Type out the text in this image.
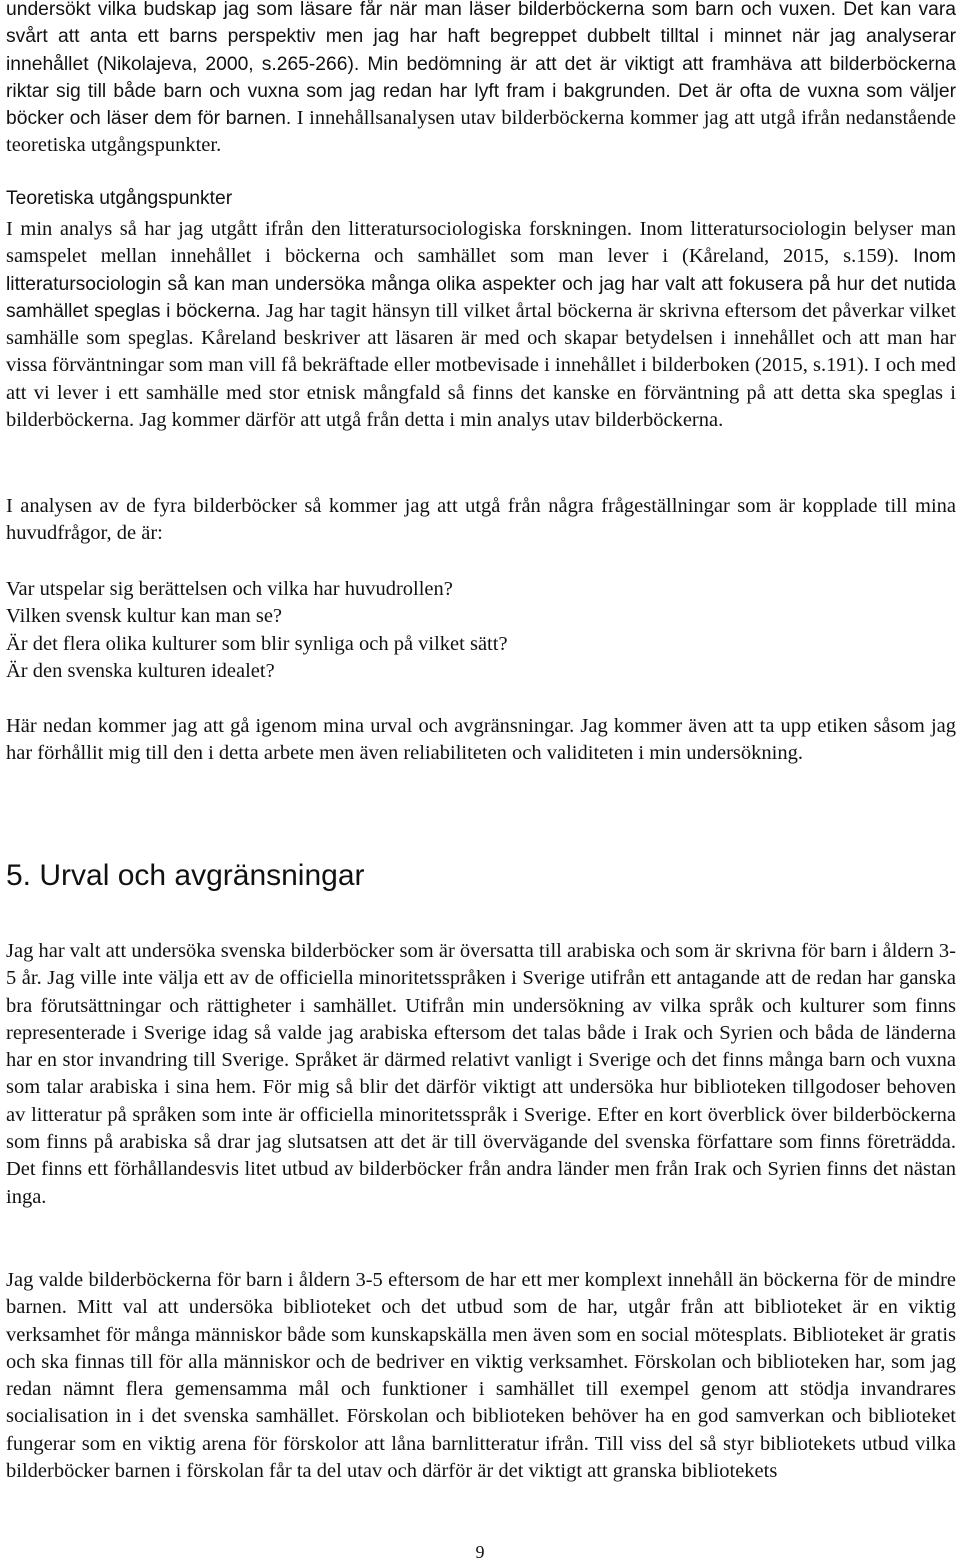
undersökt vilka budskap jag som läsare får när man läser bilderböckerna som barn och vuxen. Det kan vara svårt att anta ett barns perspektiv men jag har haft begreppet dubbelt tilltal i minnet när jag analyserar innehållet (Nikolajeva, 2000, s.265-266). Min bedömning är att det är viktigt att framhäva att bilderböckerna riktar sig till både barn och vuxna som jag redan har lyft fram i bakgrunden. Det är ofta de vuxna som väljer böcker och läser dem för barnen. I innehållsanalysen utav bilderböckerna kommer jag att utgå ifrån nedanstående teoretiska utgångspunkter.

Teoretiska utgångspunkter

I min analys så har jag utgått ifrån den litteratursociologiska forskningen. Inom litteratursociologin belyser man samspelet mellan innehållet i böckerna och samhället som man lever i (Kåreland, 2015, s.159). Inom litteratursociologin så kan man undersöka många olika aspekter och jag har valt att fokusera på hur det nutida samhället speglas i böckerna. Jag har tagit hänsyn till vilket årtal böckerna är skrivna eftersom det påverkar vilket samhälle som speglas. Kåreland beskriver att läsaren är med och skapar betydelsen i innehållet och att man har vissa förväntningar som man vill få bekräftade eller motbevisade i innehållet i bilderboken (2015, s.191). I och med att vi lever i ett samhälle med stor etnisk mångfald så finns det kanske en förväntning på att detta ska speglas i bilderböckerna. Jag kommer därför att utgå från detta i min analys utav bilderböckerna.

I analysen av de fyra bilderböcker så kommer jag att utgå från några frågeställningar som är kopplade till mina huvudfrågor, de är:

Var utspelar sig berättelsen och vilka har huvudrollen?
Vilken svensk kultur kan man se?
Är det flera olika kulturer som blir synliga och på vilket sätt?
Är den svenska kulturen idealet?

Här nedan kommer jag att gå igenom mina urval och avgränsningar. Jag kommer även att ta upp etiken såsom jag har förhållit mig till den i detta arbete men även reliabiliteten och validiteten i min undersökning.

5. Urval och avgränsningar

Jag har valt att undersöka svenska bilderböcker som är översatta till arabiska och som är skrivna för barn i åldern 3-5 år. Jag ville inte välja ett av de officiella minoritetsspråken i Sverige utifrån ett antagande att de redan har ganska bra förutsättningar och rättigheter i samhället. Utifrån min undersökning av vilka språk och kulturer som finns representerade i Sverige idag så valde jag arabiska eftersom det talas både i Irak och Syrien och båda de länderna har en stor invandring till Sverige. Språket är därmed relativt vanligt i Sverige och det finns många barn och vuxna som talar arabiska i sina hem. För mig så blir det därför viktigt att undersöka hur biblioteken tillgodoser behoven av litteratur på språken som inte är officiella minoritetsspråk i Sverige. Efter en kort överblick över bilderböckerna som finns på arabiska så drar jag slutsatsen att det är till övervägande del svenska författare som finns företrädda. Det finns ett förhållandesvis litet utbud av bilderböcker från andra länder men från Irak och Syrien finns det nästan inga.

Jag valde bilderböckerna för barn i åldern 3-5 eftersom de har ett mer komplext innehåll än böckerna för de mindre barnen. Mitt val att undersöka biblioteket och det utbud som de har, utgår från att biblioteket är en viktig verksamhet för många människor både som kunskapskälla men även som en social mötesplats. Biblioteket är gratis och ska finnas till för alla människor och de bedriver en viktig verksamhet. Förskolan och biblioteken har, som jag redan nämnt flera gemensamma mål och funktioner i samhället till exempel genom att stödja invandrares socialisation in i det svenska samhället. Förskolan och biblioteken behöver ha en god samverkan och biblioteket fungerar som en viktig arena för förskolor att låna barnlitteratur ifrån. Till viss del så styr bibliotekets utbud vilka bilderböcker barnen i förskolan får ta del utav och därför är det viktigt att granska bibliotekets

9
